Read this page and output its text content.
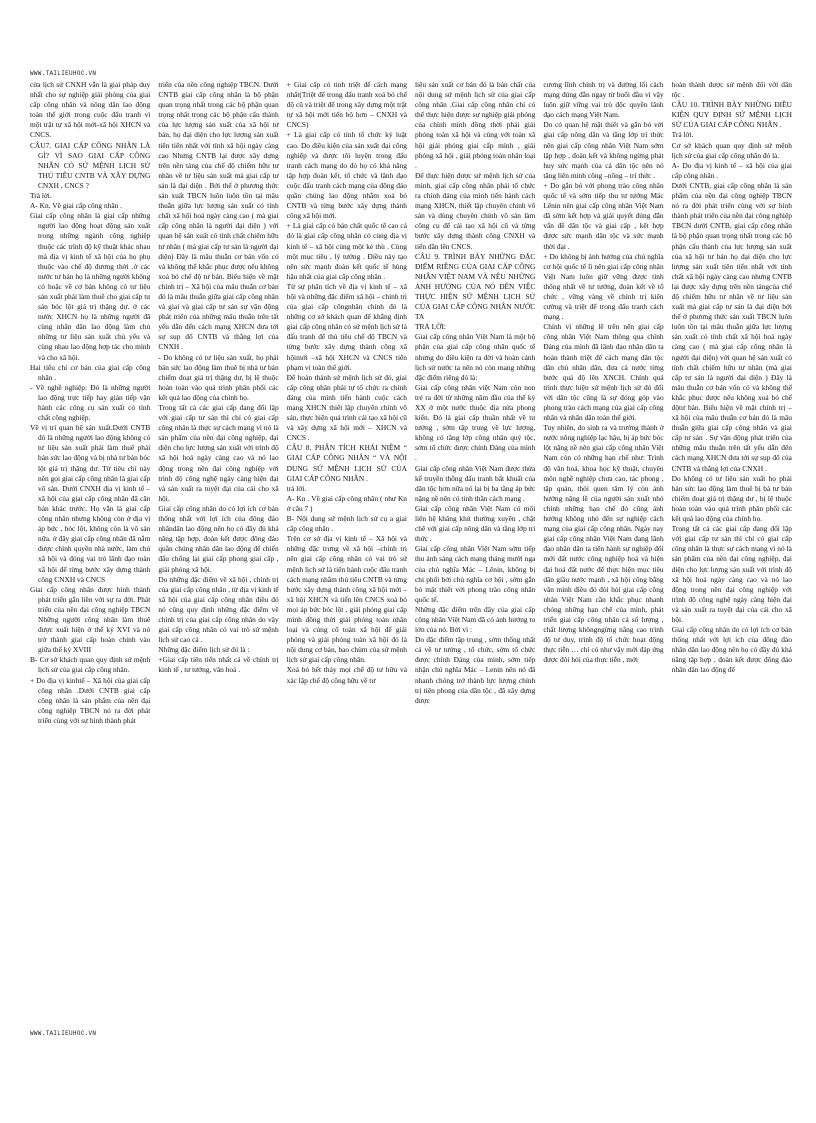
WWW.TAILIEUHOC.VN

cửa lịch sử CNXH vẫn là giai pháp duy nhất cho sự nghiệp giải phóng của giai cấp công nhân và nông dân lao động toàn thế giới trong cuộc đấu tranh vì một trật tự xã hội mới-xã hội XHCN và CNCS.

CÂU7. GIAI CẤP CÔNG NHÂN LÀ GÌ? VÌ SAO GIAI CẤP CÔNG NHÂN CÓ SỨ MỆNH LỊCH SỬ THỦ TIÊU CNTB VÀ XÂY DỰNG CNXH , CNCS ?

Trả lời.

A- Kn. Về giai cấp công nhân .

Giai cấp công nhân là giai cấp những người lao động hoạt động sản xuất trong những ngành công nghiệp thuộc các trình độ kỹ thuật khác nhau mà địa vị kinh tế xã hội của họ phụ thuộc vào chế độ đương thời .ở các nước tư bản họ là những người không có hoặc về cơ bản không có tư liệu sản xuất phải làm thuê cho giai cấp tư sản bóc lột giá trị thặng dư. ở các nước XHCN họ là những người đã cùng nhân dân lao động làm chủ những tư liệu sản xuất chủ yếu và cùng nhau lao động hợp tác cho mình và cho xã hội.

Hai tiêu chí cơ bản của giai cấp công nhân .

- Về nghề nghiệp: Đó là những người lao động trực tiếp hay gián tiếp vận hành các công cụ sản xuất có tính chất công nghiệp.

Về vị trí quan hệ sản xuất.Dưới CNTB đó là những người lao động không có tư liệu sản xuất phải làm thuê phải bán sức lao động và bị nhà tư bản bóc lột giá trị thặng dư. Từ tiêu chí này nên gọi giai cấp công nhân là giai cấp vô sản. Dưới CNXH địa vị kinh tế – xã hội của giai cấp công nhân đã căn bản khác trước. Họ vẫn là giai cấp công nhân nhưng không còn ở địa vị áp bức , bóc lột, không còn là vô sản nữa. ở đây giai cấp công nhân đã nắm được chính quyền nhà nước, làm chủ xã hội và đóng vai trò lãnh đạo toàn xã hội để từng bước xây dựng thành công CNXH và CNCS

Giai cấp công nhân được hình thành phát triển gắn liền với sự ra đời. Phát triển của nền đại công nghiệp TBCN Những người công nhân làm thuê được xuất hiện ở thế kỷ XVI và nó trở thành giai cấp hoàn chỉnh vào giữa thế kỷ XVIII

B- Cơ sở khách quan quy định sứ mệnh lịch sử của giai cấp công nhân.

+ Do địa vị kinhtế – Xã hội của giai cấp công nhân .Dưới CNTB giai cấp công nhân là sản phẩm của nền đại công nghiệp TBCN nó ra đời phát triển cùng với sự hình thành phát

triển của nền công nghiệp TBCN. Dưới CNTB giai cấp công nhân là bộ phận quan trọng nhất trong các bộ phận quan trọng nhất trong các bộ phận cấu thành của lực lượng sản xuất của xã hội tư bản, họ đại diện cho lực lượng sản xuất tiên tiến nhất với tính xã hội ngày càng cao Nhưng CNTB lại được xây dựng trên nền tảng của chế độ chiếm hữu tư nhân về tư liệu sản xuất mà giai cấp tư sản là đại diện . Bởi thế ở phương thức sản xuất TBCN luôn luôn tồn tại mâu thuẫn giữa lực lượng sản xuất có tính chất xã hội hoá ngày càng cao ( mà giai cấp công nhân là người đại diện ) với quan hệ sản xuất có tính chất chiếm hữu tư nhân ( mà giai cấp tư sản là người đại diện) Đây là mâu thuẫn cơ bản vốn có và không thể khắc phục được nếu không xoá bỏ chế độ tư bản. Biểu hiện về mặt chính trị – Xã hội của mâu thuẫn cơ bản đó là mâu thuẫn giữa giai cấp công nhân và giai và giai cấp tư sản sự vận động phát triển của những mâu thuẫn trên tất yếu dẫn đến cách mạng XHCN đưa tới sự sụp đổ CNTB và thắng lợi của CNXH .

- Do không có tư liệu sản xuất, họ phải bán sức lao động làm thuê bị nhà tư bản chiếm đoạt giá trị thặng dư, bị lệ thuộc hoàn toàn vào quá trình phân phối các kết quả lao động của chính họ.

Trong tất cả các giai cấp đang đối lập với giai cấp tư sản thì chỉ có giai cấp công nhân là thực sự cách mạng vì nó là sản phẩm của nền đại công nghiệp, đại diện cho lực lượng sản xuất với trình độ xã hội hoá ngày càng cao và nó lao động trong nền đại công nghiệp với trình độ công nghệ ngày càng hiện đại và sản xuất ra tuyệt đại của cải cho xã hội.

Giai cấp công nhân do có lợi ích cơ bản thống nhất với lợi ích của đông đảo nhândân lao động nên họ có đầy đủ khả năng tập hợp, đoàn kết được đông đảo quần chúng nhân dân lao động để chiến đấu chống lại giai cấp phong giai cấp , giải phóng xã hội.

Do những đặc điểm về xã hội , chính trị của giai cấp công nhân , từ địa vị kinh tế xã hội của giai cấp công nhân điều đó nó cũng quy định những đặc điểm về chính trị của giai cấp công nhân do vậy giai cấp công nhân có vai trò sứ mệnh lịch sử cao cả .

Những đặc điểm lịch sử đó là :

+Giai cấp tiên tiến nhất cả về chính trị kinh tế , tư tưởng, văn hoá .

+ Giai cấp có tinh triệt để cách mạng nhất(Triệt để trong đấu tranh xoá bỏ chế độ cũ và triệt để trong xây dựng một trật tự xã hội mới tiến bộ hơn – CNXH và CNCS)

+ Là giai cấp có tính tổ chức kỷ luật cao. Do điều kiện của sản xuất đại công nghiệp và được tôi luyện trong đấu tranh cách mạng do đó họ có khả năng tập hợp đoàn kết, tổ chức và lãnh đạo cuộc đấu tranh cách mạng của đông đảo quần chúng lao động nhằm xoá bỏ CNTB và từng bước xây dựng thành công xã hội mới.

+ Là giai cấp có bản chất quốc tế cao cả đó là giai cấp công nhân có cùng địa vị kinh tế – xã hội cùng một kẻ thù . Cùng một mục tiêu , lý tưởng . Điều này tạo nên sức mạnh đoàn kết quốc tế hùng hậu nhất của giai cấp công nhân .

Từ sự phân tích về địa vị kinh tế – xã hội và những đặc điểm xã hội – chính trị của giai cấp côngnhân chính đó là những cơ sở khách quan để khẳng định giai cấp công nhân có sứ mệnh lịch sử là đấu tranh để thủ tiêu chế độ TBCN và từng bước xây dựng thành công xã hộimới –xã hội XHCN và CNCS tiến phạm vi toàn thế giới.

Để hoàn thành sứ mệnh lịch sử đó, giai cấp công nhân phải tự tổ chức ra chính đảng của mình tiến hành cuộc cách mạng XHCN thiết lập chuyên chính vô sản, thực hiện quá trình cải tạo xã hội cũ và xây dựng xã hội mới – XHCN và CNCS .

CÂU 8. PHÂN TÍCH KHÁI NIỆM “ GIAI CẤP CÔNG NHÂN “ VÀ NỘI DUNG SỨ MỆNH LỊCH SỬ CỦA GIAI CẤP CÔNG NHÂN .

trả lời.

A- Kn . Về giai cấp công nhân ( như Kn ở câu 7 )

B- Nội dung sứ mệnh lịch sử cụ a giai cấp công nhân .

Trên cơ sở địa vị kinh tế – Xã hội và những đặc trưng về xã hội –chính trị nên giai cấp công nhân có vai trò sứ mệnh lịch sử là tiến hành cuộc đấu tranh cách mạng nhằm thủ tiêu CNTB và từng bước xây dựng thành công xã hội mới – xã hội XHCN và tiến lên CNCS xoá bỏ mọi áp bức bóc lột , giải phóng giai cấp mình đồng thời giải phóng toàn nhân loại và củng cố toàn xã hội để giải phóng và giải phóng toàn xã hội đó là nội dung cơ bản, bao chùm của sứ mệnh lịch sử giai cấp công nhân.

Xoá bỏ hết thảy mọi chế độ tư hữu và xác lập chế độ công hữu về tư

liệu sản xuất cơ bản đó là bản chất của nội dung sứ mệnh lịch sử của giai cấp công nhân .Giai cấp công nhân chỉ có thể thực hiện được sự nghiệp giải phóng của chính mình đồng thời phải giải phóng toàn xã hội và cùng với toàn xã hội giải phóng giai cấp mình , giải phóng xã hội , giải phóng toàn nhân loại .

Để thực hiện được sứ mệnh lịch sử của mình, giai cấp công nhân phải tổ chức ra chính đảng của mình tiến hành cách mạng XHCN, thiết lập chuyên chính vô sản và dùng chuyên chính vô sản làm công cụ để cải tạo xã hội cũ và từng bước xây dựng thành công CNXH và tiến dần lên CNCS.

CÂU 9. TRÌNH BÀY NHỮNG ĐẶC ĐIỂM RIÊNG CỦA GIAI CẤP CÔNG NHÂN VIỆT NAM VÀ NÊU NHỮNG ẢNH HƯỞNG CỦA NÓ ĐẾN VIỆC THỰC HIỆN SỨ MỆNH LỊCH SỬ CỦA GIAI CẤP CÔNG NHÂN NƯỚC TA

TRẢ LỜI:

Giai cấp công nhân Việt Nam là một bộ phận của giai cấp công nhân quốc tế nhưng do điều kiện ra đời và hoàn cảnh lịch sử nước ta nên nó còn mang những đặc điểm riêng đó là:

Giai cấp công nhân việt Nam còn non trẻ ra đời từ những năm đầu của thế kỷ XX ở một nước thuộc địa nửa phong kiến. Đó là giai cấp thuần nhất về tư tưởng , sớm tập trung về lực lượng, không có tầng lớp công nhân quý tộc, sớm tổ chức được chính Đảng của mình .

Giai cấp công nhân Việt Nam được thừa kế truyền thống đấu tranh bất khuất của dân tộc hơn nữa nó lại bị ba tầng áp bức nặng nề nên có tinh thần cách mạng .

Giai cấp công nhân Việt Nam có mối liên hệ khăng khít thường xuyên , chặt chẽ với giai cấp nông dân và tầng lớp trí thức .

Giai cấp công nhân Việt Nam sớm tiếp thu ánh sáng cách mạng tháng mười nga của chủ nghĩa Mác – Lênin, không bị chi phối bởi chủ nghĩa cơ hội , sớm gắn bó mật thiết với phong trào công nhân quốc tế.

Những đặc điểm trên đây của giai cấp công nhân Việt Nam đã có ảnh hưởng to lớn của nó. Bởi vì :

Do đặc điểm tập trung , sớm thống nhất cả về tư tưởng , tổ chức, sớm tổ chức được chính Đảng của mình, sớm tiếp nhận chủ nghĩa Mác – Lenin nên nó đã nhanh chóng trở thành lực lượng chính trị tiên phong của dân tộc , đã xây dựng được

cương lĩnh chính trị và đường lối cách mạng đúng đắn ngay từ buổi đầu vì vậy luôn giữ vững vai trò độc quyền lãnh đạo cách mạng Việt Nam.

Do có quan hệ mật thiết và gắn bó với giai cấp nông dân và tầng lớp trí thức nên giai cấp công nhân Việt Nam sớm lập hợp , đoàn kết và không ngừng phát huy sức mạnh của cả dân tộc nên nó tăng liên minh công –nông – trí thức .

+ Do gắn bó với phong trào công nhân quốc tế và sớm tiếp thu tư tưởng Mác Lênin nên giai cấp công nhân Việt Nam đã sớm kết hợp và giải quyết đúng đắn vấn đề dân tộc và giai cấp , kết hợp được sức mạnh dân tộc và sức mạnh thời đại .

+ Do không bị ảnh hưởng của chủ nghĩa cơ hội quốc tế lì nên giai cấp công nhân Việt Nam luôn giữ vững được tính thống nhất về tư tưởng, đoàn kết về tổ chức , vững vàng về chính trị kiên cường và triệt để trong đấu tranh cách mạng .

Chính vì những lẽ trên nên giai cấp công nhân Việt Nam thông qua chính Đảng của mình đã lãnh đạo nhân dân ta hoàn thành triệt để cách mạng dân tộc dân chủ nhân dân, đưa cả nước từng bước quá độ lên XNCH. Chính quá trình thực hiện sứ mệnh lịch sử đó đối với dân tộc cũng là sự đóng góp vào phong trào cách mạng của giai cấp công nhân và nhân dân toàn thế giới.

Tuy nhiên, do sinh ra và trưởng thành ở nước nông nghiệp lạc hậu, bị áp bức bóc lột nặng nề nên giai cấp công nhân Việt Nam còn có những hạn chế như: Trình độ văn hoá, khoa học kỹ thuật, chuyên môn nghề nghiệp chưa cao, tác phong , tập quán, thói quen tâm lý còn ảnh hưởng nặng lề của người sản xuất nhỏ chính những hạn chế đó cũng ảnh hưởng không nhỏ đến sự nghiệp cách mạng của giai cấp công nhân. Ngày nay giai cấp công nhân Việt Nam đang lãnh đạo nhân dân ta tiến hành sự nghiệp đổi mới đất nước công nghiệp hoá và hiện đại hoá đất nước để thực hiện mục tiêu dân giầu nước mạnh , xã hội công bằng văn minh điều đó đòi hỏi giai cấp công nhân Việt Nam cần khắc phục nhanh chóng những hạn chế của mình, phát triển giai cấp công nhân cả số lượng , chất lượng khôngngừng nâng cao trình độ tư duy, trình độ tổ chức hoạt động thực tiễn … chỉ có như vậy mới đáp ứng được đòi hỏi của thực tiễn , mới

hoàn thành được sứ mệnh đổi với dân tộc .

CÂU 10. TRÌNH BÀY NHỮNG ĐIỀU KIỆN QUY ĐỊNH SỨ MỆNH LỊCH SỬ CỦA GIAI CẤP CÔNG NHÂN .

Trả lời.

Cơ sở khách quan quy định sứ mệnh lịch sử của giai cấp công nhân đó là.

A- Do địa vị kinh tế – xã hội của giai cấp công nhân .

Dưới CNTB, giai cấp công nhân là sản phẩm của nền đại công nghiệp TBCN nó ra đời phát triển cùng với sự hình thành phát triển của nền đại công nghiệp TBCN dưới CNTB, giai cấp công nhân là bộ phận quan trọng nhất trong các bộ phận cấu thành của lực lượng sản xuất của xã hội tư bản họ đại diện cho lực lượng sản xuất tiên tiến nhất với tính chất xã hội ngày càng cao nhưng CNTB lại được xây dựng trên nền tảngcủa chế độ chiếm hữu tư nhân về tư liệu sản xuất mà giai cấp tư sản là đại diện bởi thế ở phương thức sản xuất TBCN luôn luôn tồn tại mâu thuẫn giữa lực lượng sản xuất có tính chất xã hội hoá ngày càng cao ( mà giai cấp công nhân là người đại diện) với quan hệ sản xuất có tính chất chiếm hữu tư nhân (mà giai cấp tư sản là người đại diện ) Đây là mâu thuẫn cơ bản vốn có và không thể khắc phục được nếu không xoá bỏ chế độtư bản. Biểu hiện về mặt chính trị – xã hội của mâu thuẫn cơ bản đó là mâu thuẫn giữa giai cấp công nhân và giai cấp tư sản . Sự vận động phát triển của những mâu thuẫn trên tất yếu dẫn đến cách mạng XHCN đưa tới sự sụp đổ của CNTB và thắng lợi của CNXH .

Do không có tư liệu sản xuất họ phải bán sức lao động làm thuê bị bà tư bản chiếm đoạt giá trị thặng dư , bị lệ thuộc hoàn toàn vào quá trình phân phối các kết quả lao động của chính họ.

Trong tất cả các giai cấp đang đối lập với giai cấp tư sản thì chỉ có giai cấp công nhân là thực sự cách mạng vì nó là sản phẩm của nền đại công nghiệp, đại diện cho lực lượng sản xuất với trình độ xã hội hoá ngày càng cao và nó lao động trong nền đại công nghiệp với trình độ công nghệ ngày càng hiện đại và sản xuất ra tuyệt đại của cải cho xã hội.

Giai cấp công nhân do có lợi ích cơ bản thống nhất với lợi ích của đông đảo nhân dân lao động nên họ có đầy đủ khả năng tập hợp , đoàn kết được đông đảo nhân dân lao động để

WWW.TAILIEUHOC.VN
